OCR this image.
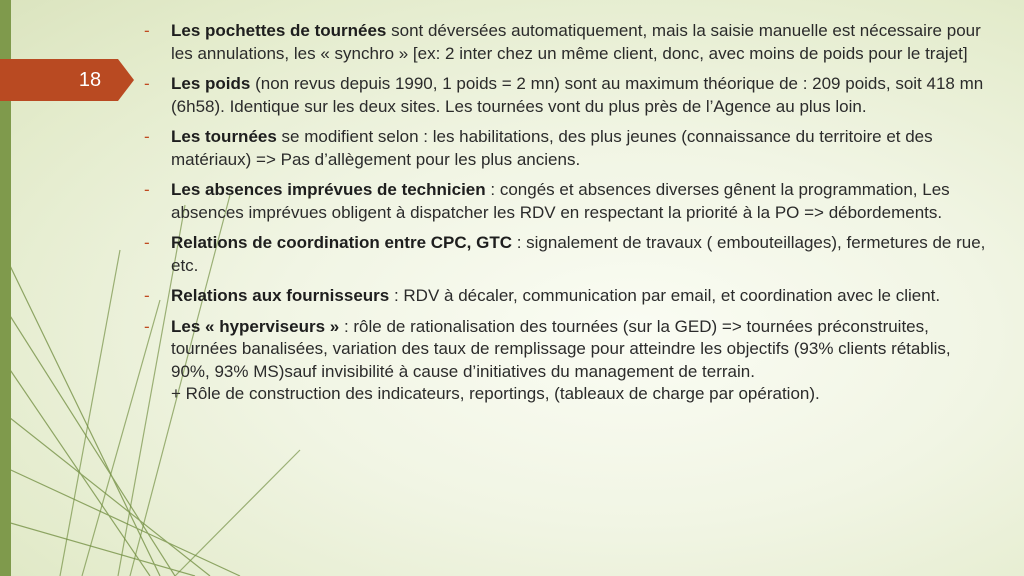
18
- Les pochettes de tournées sont déversées automatiquement, mais la saisie manuelle est nécessaire pour les annulations, les « synchro » [ex: 2 inter chez un même client, donc, avec moins de poids pour le trajet]
- Les poids (non revus depuis 1990, 1 poids = 2 mn) sont au maximum théorique de : 209 poids, soit 418 mn (6h58). Identique sur les deux sites. Les tournées vont du plus près de l’Agence au plus loin.
- Les tournées se modifient selon : les habilitations, des plus jeunes (connaissance du territoire et des matériaux) => Pas d’allègement pour les plus anciens.
- Les absences imprévues de technicien : congés et absences diverses gênent la programmation, Les absences imprévues obligent à dispatcher les RDV en respectant la priorité à la PO => débordements.
- Relations de coordination entre CPC, GTC : signalement de travaux ( embouteillages), fermetures de rue, etc.
- Relations aux fournisseurs : RDV à décaler, communication par email, et coordination avec le client.
- Les « hyperviseurs » : rôle de rationalisation des tournées (sur la GED) => tournées préconstruites, tournées banalisées, variation des taux de remplissage pour atteindre les objectifs (93% clients rétablis, 90%, 93% MS)sauf invisibilité à cause d’initiatives du management de terrain.
+ Rôle de construction des indicateurs, reportings, (tableaux de charge par opération).
